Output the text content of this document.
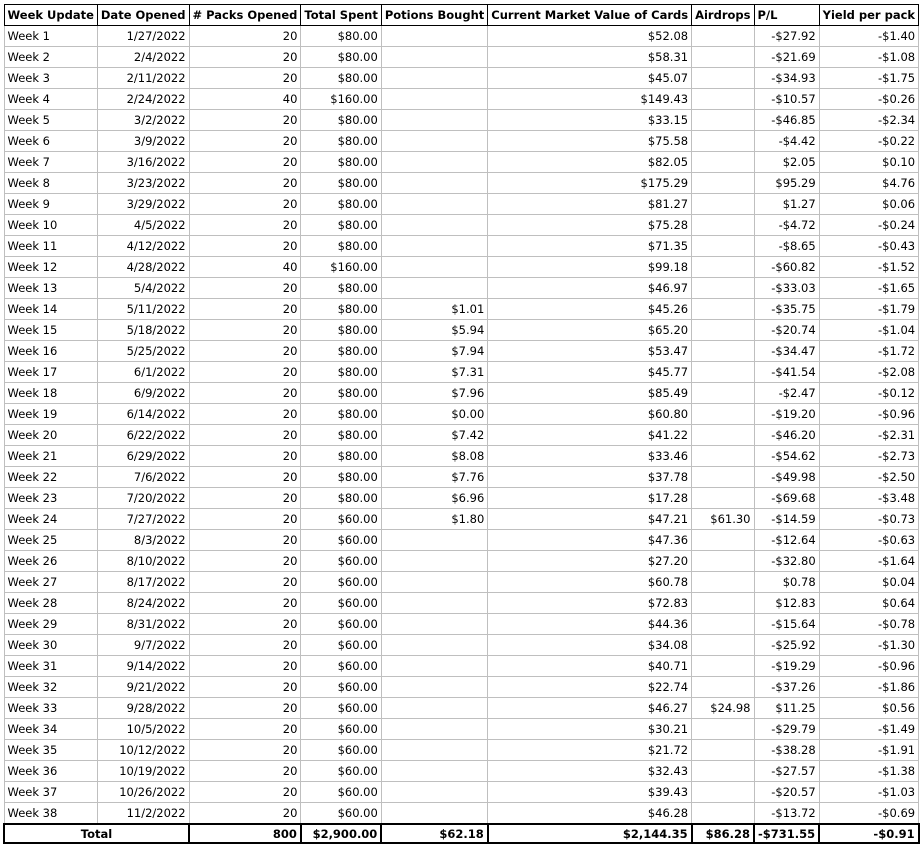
Week Update	Date Opened	# Packs Opened	Total Spent	Potions Bought	Current Market Value of Cards	Airdrops	P/L	Yield per pack
Week 1	1/27/2022	20	$80.00		$52.08		-$27.92	-$1.40
Week 2	2/4/2022	20	$80.00		$58.31		-$21.69	-$1.08
Week 3	2/11/2022	20	$80.00		$45.07		-$34.93	-$1.75
Week 4	2/24/2022	40	$160.00		$149.43		-$10.57	-$0.26
Week 5	3/2/2022	20	$80.00		$33.15		-$46.85	-$2.34
Week 6	3/9/2022	20	$80.00		$75.58		-$4.42	-$0.22
Week 7	3/16/2022	20	$80.00		$82.05		$2.05	$0.10
Week 8	3/23/2022	20	$80.00		$175.29		$95.29	$4.76
Week 9	3/29/2022	20	$80.00		$81.27		$1.27	$0.06
Week 10	4/5/2022	20	$80.00		$75.28		-$4.72	-$0.24
Week 11	4/12/2022	20	$80.00		$71.35		-$8.65	-$0.43
Week 12	4/28/2022	40	$160.00		$99.18		-$60.82	-$1.52
Week 13	5/4/2022	20	$80.00		$46.97		-$33.03	-$1.65
Week 14	5/11/2022	20	$80.00	$1.01	$45.26		-$35.75	-$1.79
Week 15	5/18/2022	20	$80.00	$5.94	$65.20		-$20.74	-$1.04
Week 16	5/25/2022	20	$80.00	$7.94	$53.47		-$34.47	-$1.72
Week 17	6/1/2022	20	$80.00	$7.31	$45.77		-$41.54	-$2.08
Week 18	6/9/2022	20	$80.00	$7.96	$85.49		-$2.47	-$0.12
Week 19	6/14/2022	20	$80.00	$0.00	$60.80		-$19.20	-$0.96
Week 20	6/22/2022	20	$80.00	$7.42	$41.22		-$46.20	-$2.31
Week 21	6/29/2022	20	$80.00	$8.08	$33.46		-$54.62	-$2.73
Week 22	7/6/2022	20	$80.00	$7.76	$37.78		-$49.98	-$2.50
Week 23	7/20/2022	20	$80.00	$6.96	$17.28		-$69.68	-$3.48
Week 24	7/27/2022	20	$60.00	$1.80	$47.21	$61.30	-$14.59	-$0.73
Week 25	8/3/2022	20	$60.00		$47.36		-$12.64	-$0.63
Week 26	8/10/2022	20	$60.00		$27.20		-$32.80	-$1.64
Week 27	8/17/2022	20	$60.00		$60.78		$0.78	$0.04
Week 28	8/24/2022	20	$60.00		$72.83		$12.83	$0.64
Week 29	8/31/2022	20	$60.00		$44.36		-$15.64	-$0.78
Week 30	9/7/2022	20	$60.00		$34.08		-$25.92	-$1.30
Week 31	9/14/2022	20	$60.00		$40.71		-$19.29	-$0.96
Week 32	9/21/2022	20	$60.00		$22.74		-$37.26	-$1.86
Week 33	9/28/2022	20	$60.00		$46.27	$24.98	$11.25	$0.56
Week 34	10/5/2022	20	$60.00		$30.21		-$29.79	-$1.49
Week 35	10/12/2022	20	$60.00		$21.72		-$38.28	-$1.91
Week 36	10/19/2022	20	$60.00		$32.43		-$27.57	-$1.38
Week 37	10/26/2022	20	$60.00		$39.43		-$20.57	-$1.03
Week 38	11/2/2022	20	$60.00		$46.28		-$13.72	-$0.69
Total		800	$2,900.00	$62.18	$2,144.35	$86.28	-$731.55	-$0.91
